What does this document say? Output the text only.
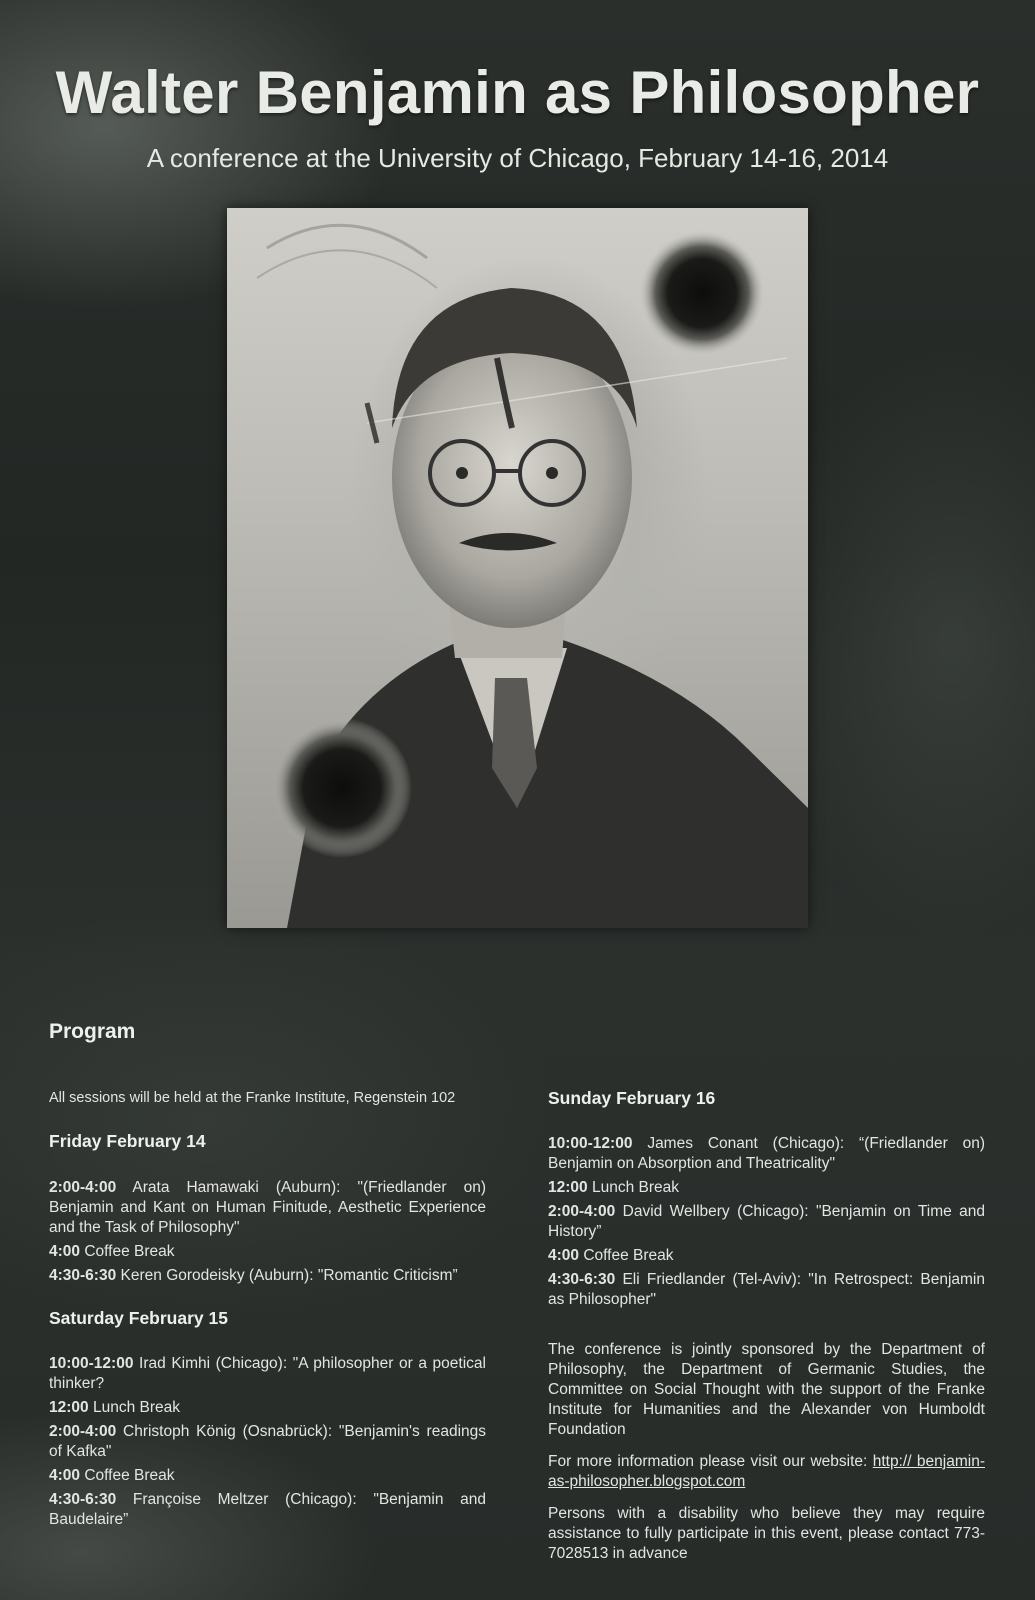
Walter Benjamin as Philosopher
A conference at the University of Chicago, February 14-16, 2014
Program
All sessions will be held at the Franke Institute, Regenstein 102
Friday February 14

2:00-4:00 Arata Hamawaki (Auburn): "(Friedlander on) Benjamin and Kant on Human Finitude, Aesthetic Experience and the Task of Philosophy"

4:00 Coffee Break

4:30-6:30 Keren Gorodeisky (Auburn): "Romantic Criticism”

Saturday February 15

10:00-12:00 Irad Kimhi (Chicago): "A philosopher or a poetical thinker?

12:00 Lunch Break

2:00-4:00 Christoph König (Osnabrück): "Benjamin's readings of Kafka"

4:00 Coffee Break

4:30-6:30 Françoise Meltzer (Chicago): "Benjamin and Baudelaire”

Sunday February 16

10:00-12:00 James Conant (Chicago): “(Friedlander on) Benjamin on Absorption and Theatricality"

12:00 Lunch Break

2:00-4:00 David Wellbery (Chicago): "Benjamin on Time and History”

4:00 Coffee Break

4:30-6:30 Eli Friedlander (Tel-Aviv): "In Retrospect: Benjamin as Philosopher"

The conference is jointly sponsored by the Department of Philosophy, the Department of Germanic Studies, the Committee on Social Thought with the support of the Franke Institute for Humanities and the Alexander von Humboldt Foundation

For more information please visit our website: http:// benjamin-as-philosopher.blogspot.com

Persons with a disability who believe they may require assistance to fully participate in this event, please contact 773-7028513 in advance
